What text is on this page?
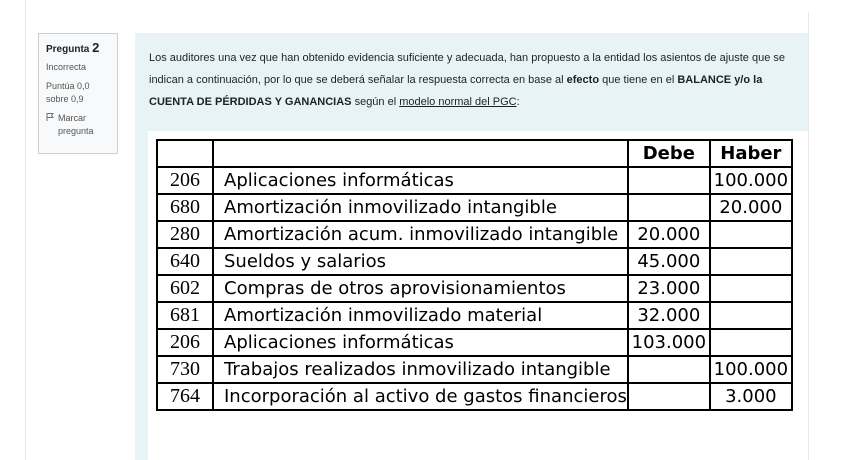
Pregunta 2
Incorrecta
Puntúa 0,0 sobre 0,9
Marcar pregunta
Los auditores una vez que han obtenido evidencia suficiente y adecuada, han propuesto a la entidad los asientos de ajuste que se indican a continuación, por lo que se deberá señalar la respuesta correcta en base al efecto que tiene en el BALANCE y/o la CUENTA DE PÉRDIDAS Y GANANCIAS según el modelo normal del PGC:
		Debe	Haber
206	Aplicaciones informáticas		100.000
680	Amortización inmovilizado intangible		20.000
280	Amortización acum. inmovilizado intangible	20.000	
640	Sueldos y salarios	45.000	
602	Compras de otros aprovisionamientos	23.000	
681	Amortización inmovilizado material	32.000	
206	Aplicaciones informáticas	103.000	
730	Trabajos realizados inmovilizado intangible		100.000
764	Incorporación al activo de gastos financieros		3.000
